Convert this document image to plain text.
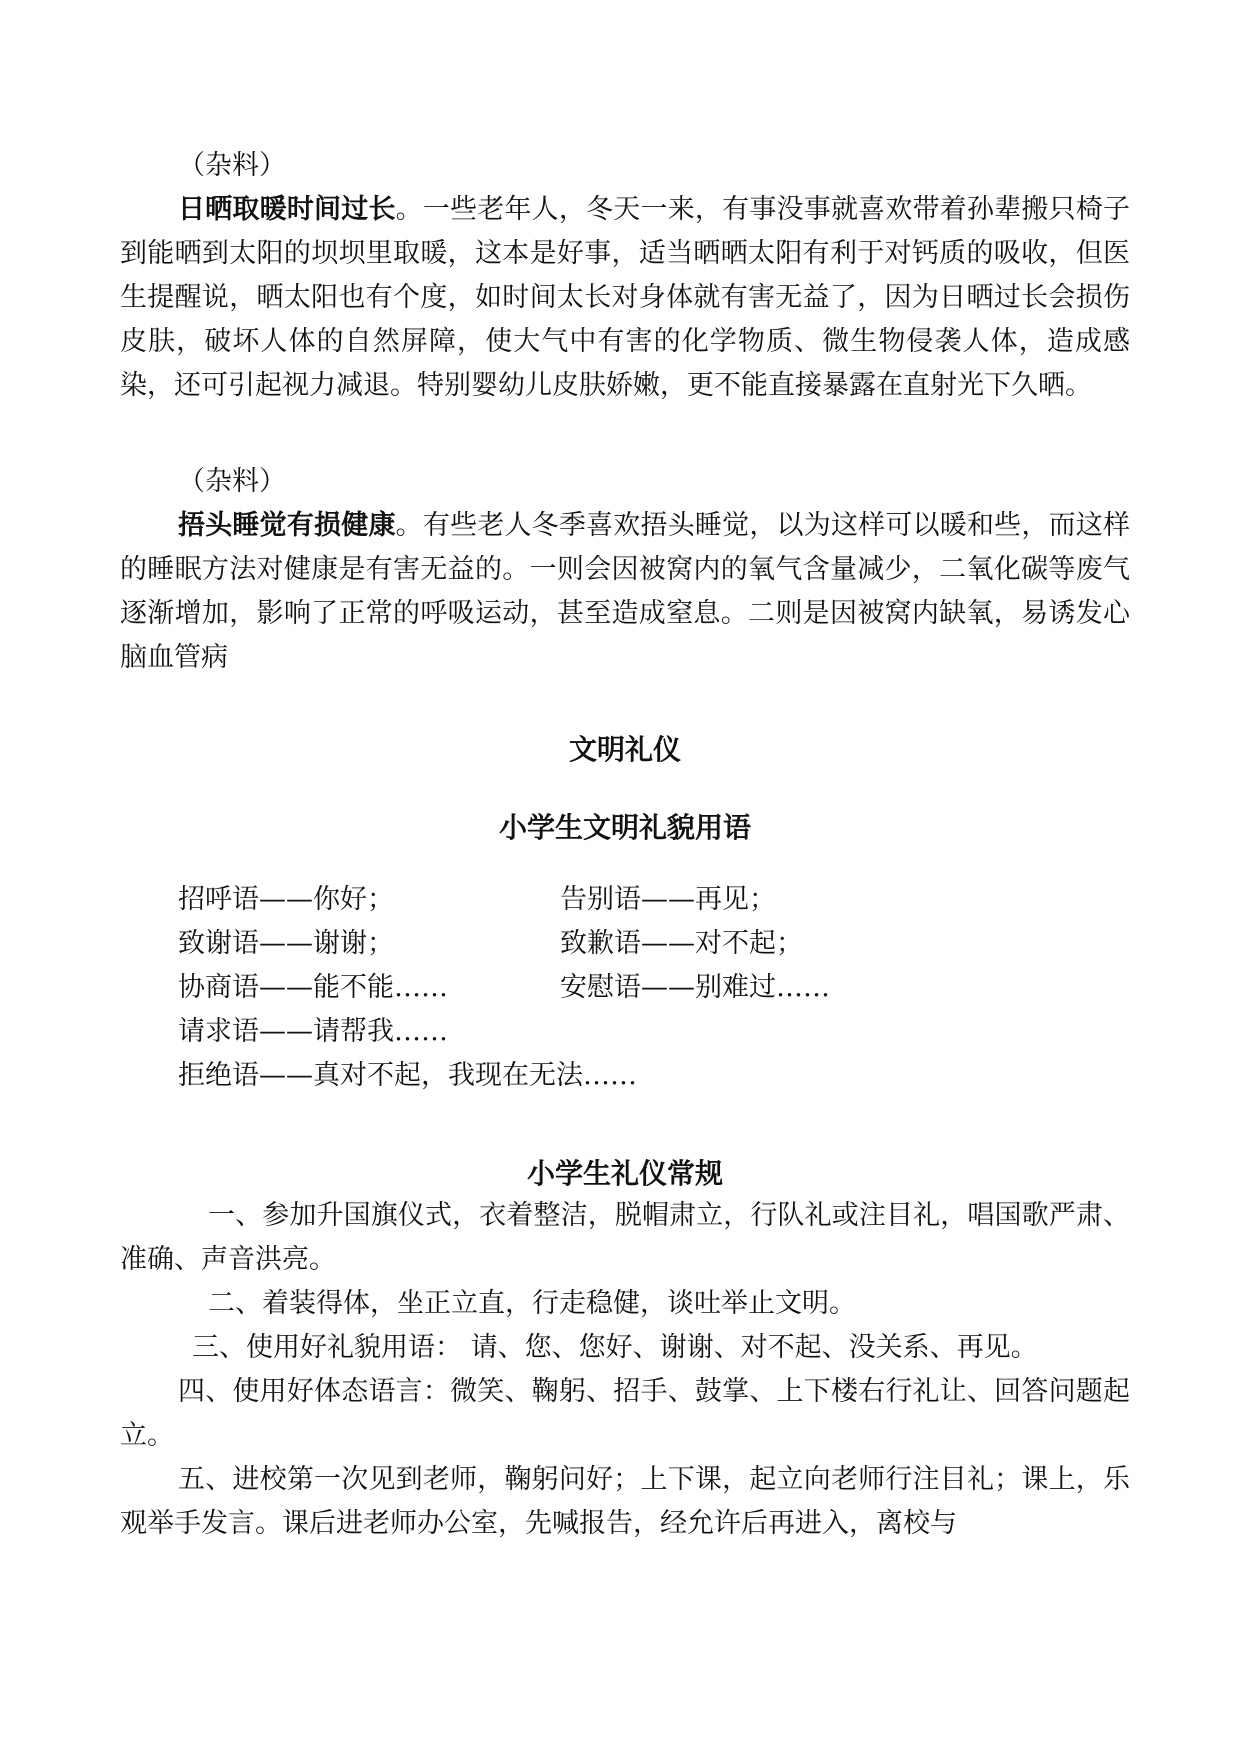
（杂料）
日晒取暖时间过长。一些老年人，冬天一来，有事没事就喜欢带着孙辈搬只椅子到能晒到太阳的坝坝里取暖，这本是好事，适当晒晒太阳有利于对钙质的吸收，但医生提醒说，晒太阳也有个度，如时间太长对身体就有害无益了，因为日晒过长会损伤皮肤，破坏人体的自然屏障，使大气中有害的化学物质、微生物侵袭人体，造成感染，还可引起视力减退。特别婴幼儿皮肤娇嫩，更不能直接暴露在直射光下久晒。
（杂料）
捂头睡觉有损健康。有些老人冬季喜欢捂头睡觉，以为这样可以暖和些，而这样的睡眠方法对健康是有害无益的。一则会因被窝内的氧气含量减少，二氧化碳等废气逐渐增加，影响了正常的呼吸运动，甚至造成窒息。二则是因被窝内缺氧，易诱发心脑血管病
文明礼仪
小学生文明礼貌用语
招呼语——你好；	告别语——再见；
致谢语——谢谢；	致歉语——对不起；
协商语——能不能……	安慰语——别难过……
请求语——请帮我……
拒绝语——真对不起，我现在无法……
小学生礼仪常规

一、参加升国旗仪式，衣着整洁，脱帽肃立，行队礼或注目礼，唱国歌严肃、准确、声音洪亮。

二、着装得体，坐正立直，行走稳健，谈吐举止文明。

三、使用好礼貌用语： 请、您、您好、谢谢、对不起、没关系、再见。

四、使用好体态语言：微笑、鞠躬、招手、鼓掌、上下楼右行礼让、回答问题起立。

五、进校第一次见到老师，鞠躬问好；上下课，起立向老师行注目礼；课上，乐观举手发言。课后进老师办公室，先喊报告，经允许后再进入，离校与
